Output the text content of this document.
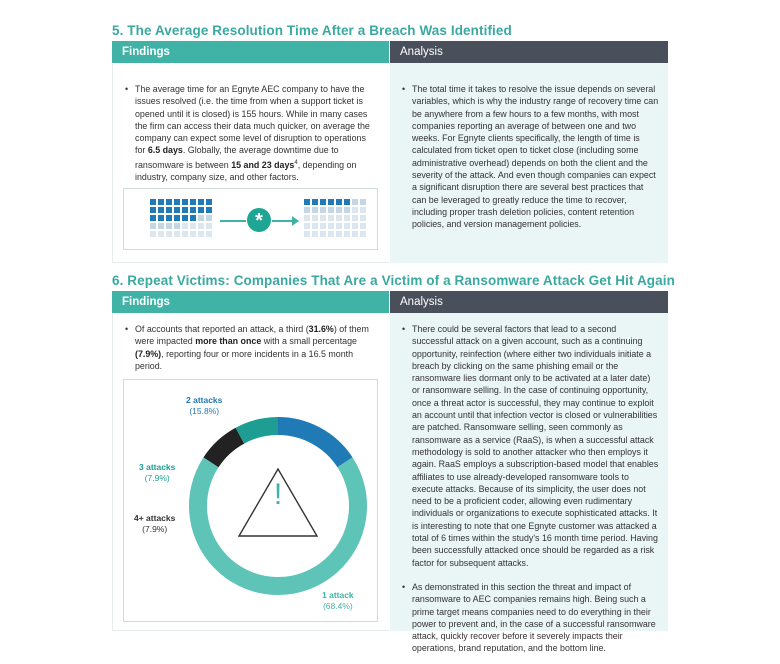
5. The Average Resolution Time After a Breach Was Identified
Findings	Analysis
• The average time for an Egnyte AEC company to have the issues resolved (i.e. the time from when a support ticket is opened until it is closed) is 155 hours. While in many cases the firm can access their data much quicker, on average the company can expect some level of disruption to operations for 6.5 days. Globally, the average downtime due to ransomware is between 15 and 23 days$^4$, depending on industry, company size, and other factors.
*
• The total time it takes to resolve the issue depends on several variables, which is why the industry range of recovery time can be anywhere from a few hours to a few months, with most companies reporting an average of between one and two weeks. For Egnyte clients specifically, the length of time is calculated from ticket open to ticket close (including some administrative overhead) depends on both the client and the severity of the attack. And even though companies can expect a significant disruption there are several best practices that can be leveraged to greatly reduce the time to recover, including proper trash deletion policies, content retention policies, and version management policies.
6. Repeat Victims: Companies That Are a Victim of a Ransomware Attack Get Hit Again
Findings	Analysis
• Of accounts that reported an attack, a third (31.6%) of them were impacted more than once with a small percentage (7.9%), reporting four or more incidents in a 16.5 month period.
!
2 attacks
(15.8%)
3 attacks
(7.9%)
4+ attacks
(7.9%)
1 attack
(68.4%)
• There could be several factors that lead to a second successful attack on a given account, such as a continuing opportunity, reinfection (where either two individuals initiate a breach by clicking on the same phishing email or the ransomware lies dormant only to be activated at a later date) or ransomware selling. In the case of continuing opportunity, once a threat actor is successful, they may continue to exploit an account until that infection vector is closed or vulnerabilities are patched. Ransomware selling, seen commonly as ransomware as a service (RaaS), is when a successful attack methodology is sold to another attacker who then employs it again. RaaS employs a subscription-based model that enables affiliates to use already-developed ransomware tools to execute attacks. Because of its simplicity, the user does not need to be a proficient coder, allowing even rudimentary individuals or organizations to execute sophisticated attacks. It is interesting to note that one Egnyte customer was attacked a total of 6 times within the study's 16 month time period. Having been successfully attacked once should be regarded as a risk factor for subsequent attacks.
• As demonstrated in this section the threat and impact of ransomware to AEC companies remains high. Being such a prime target means companies need to do everything in their power to prevent and, in the case of a successful ransomware attack, quickly recover before it severely impacts their operations, brand reputation, and the bottom line.
